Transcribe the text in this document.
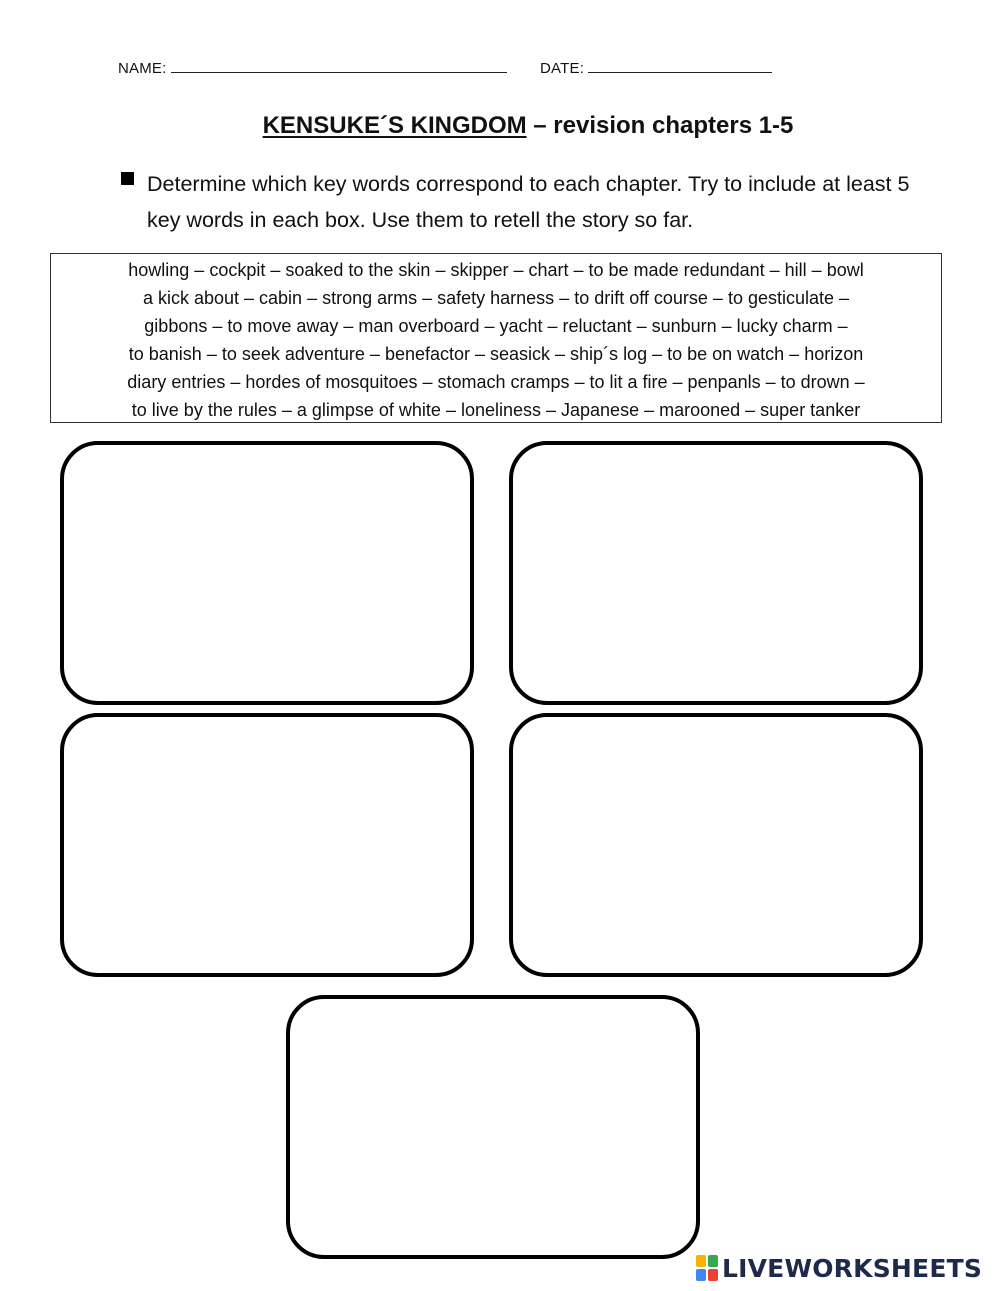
NAME:	DATE:
KENSUKE´S KINGDOM – revision chapters 1-5
Determine which key words correspond to each chapter. Try to include at least 5 key words in each box. Use them to retell the story so far.
howling – cockpit – soaked to the skin – skipper – chart – to be made redundant – hill – bowl
a kick about – cabin – strong arms – safety harness – to drift off course – to gesticulate –
gibbons – to move away – man overboard – yacht – reluctant – sunburn – lucky charm –
to banish – to seek adventure – benefactor – seasick – ship´s log – to be on watch – horizon
diary entries – hordes of mosquitoes – stomach cramps – to lit a fire – penpanls – to drown –
to live by the rules – a glimpse of white – loneliness – Japanese – marooned – super tanker
LIVEWORKSHEETS
